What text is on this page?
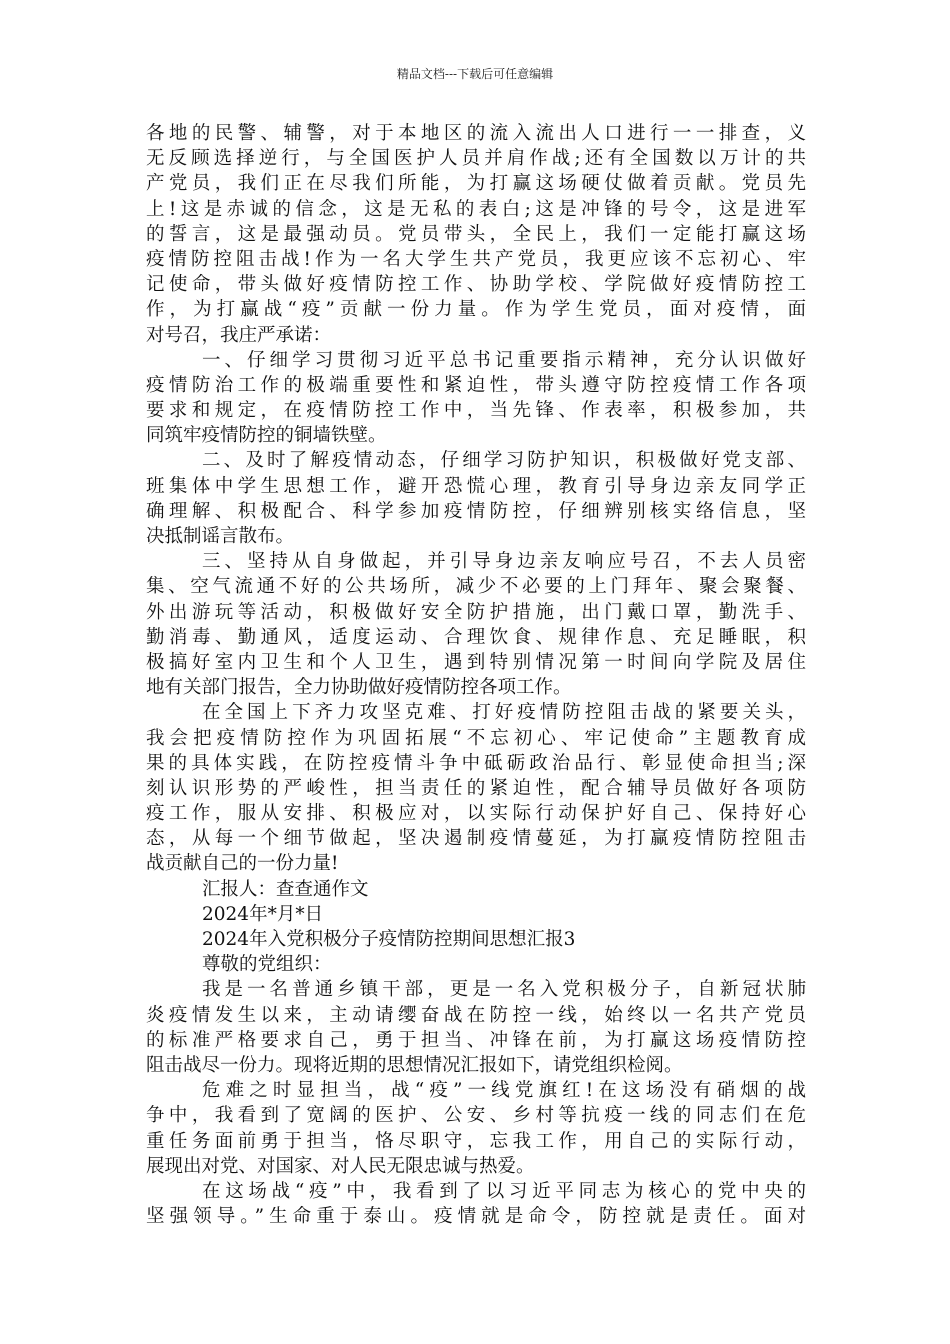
精品文档---下载后可任意编辑
各地的民警、辅警，对于本地区的流入流出人口进行一一排查，义
无反顾选择逆行，与全国医护人员并肩作战;还有全国数以万计的共
产党员，我们正在尽我们所能，为打赢这场硬仗做着贡献。党员先
上!这是赤诚的信念，这是无私的表白;这是冲锋的号令，这是进军
的誓言，这是最强动员。党员带头，全民上，我们一定能打赢这场
疫情防控阻击战!作为一名大学生共产党员，我更应该不忘初心、牢
记使命，带头做好疫情防控工作、协助学校、学院做好疫情防控工
作，为打赢战“疫”贡献一份力量。作为学生党员，面对疫情，面
对号召，我庄严承诺：
一、仔细学习贯彻习近平总书记重要指示精神，充分认识做好
疫情防治工作的极端重要性和紧迫性，带头遵守防控疫情工作各项
要求和规定，在疫情防控工作中，当先锋、作表率，积极参加，共
同筑牢疫情防控的铜墙铁壁。
二、及时了解疫情动态，仔细学习防护知识，积极做好党支部、
班集体中学生思想工作，避开恐慌心理，教育引导身边亲友同学正
确理解、积极配合、科学参加疫情防控，仔细辨别核实络信息，坚
决抵制谣言散布。
三、坚持从自身做起，并引导身边亲友响应号召，不去人员密
集、空气流通不好的公共场所，减少不必要的上门拜年、聚会聚餐、
外出游玩等活动，积极做好安全防护措施，出门戴口罩，勤洗手、
勤消毒、勤通风，适度运动、合理饮食、规律作息、充足睡眠，积
极搞好室内卫生和个人卫生，遇到特别情况第一时间向学院及居住
地有关部门报告，全力协助做好疫情防控各项工作。
在全国上下齐力攻坚克难、打好疫情防控阻击战的紧要关头，
我会把疫情防控作为巩固拓展“不忘初心、牢记使命”主题教育成
果的具体实践，在防控疫情斗争中砥砺政治品行、彰显使命担当;深
刻认识形势的严峻性，担当责任的紧迫性，配合辅导员做好各项防
疫工作，服从安排、积极应对，以实际行动保护好自己、保持好心
态，从每一个细节做起，坚决遏制疫情蔓延，为打赢疫情防控阻击
战贡献自己的一份力量!
汇报人：查查通作文
2024年*月*日
2024年入党积极分子疫情防控期间思想汇报3
尊敬的党组织：
我是一名普通乡镇干部，更是一名入党积极分子，自新冠状肺
炎疫情发生以来，主动请缨奋战在防控一线，始终以一名共产党员
的标准严格要求自己，勇于担当、冲锋在前，为打赢这场疫情防控
阻击战尽一份力。现将近期的思想情况汇报如下，请党组织检阅。
危难之时显担当，战“疫”一线党旗红!在这场没有硝烟的战
争中，我看到了宽阔的医护、公安、乡村等抗疫一线的同志们在危
重任务面前勇于担当，恪尽职守，忘我工作，用自己的实际行动，
展现出对党、对国家、对人民无限忠诚与热爱。
在这场战“疫”中，我看到了以习近平同志为核心的党中央的
坚强领导。”生命重于泰山。疫情就是命令，防控就是责任。面对
